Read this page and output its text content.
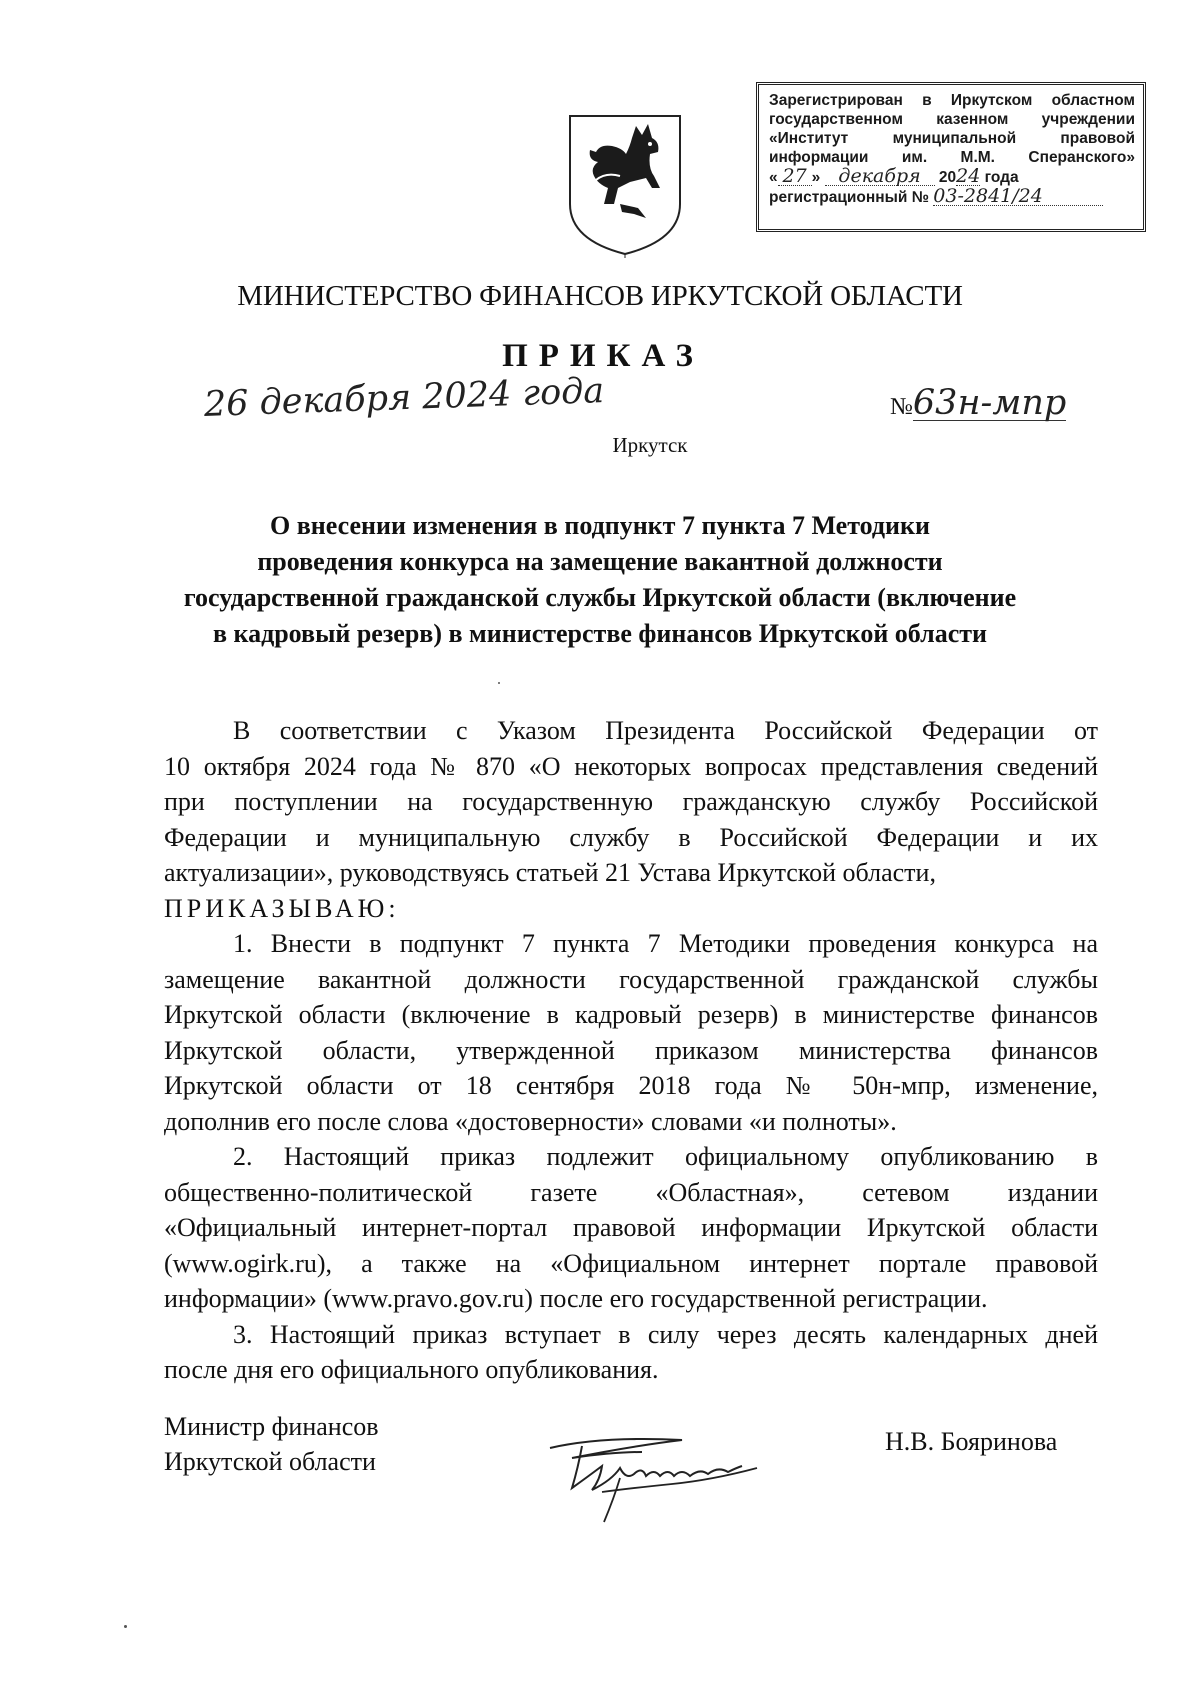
Зарегистрирован в Иркутском областном
государственном казенном учреждении
«Институт муниципальной правовой
информации им. М.М. Сперанского»
« 27 » декабря 2024 года
регистрационный № 03-2841/24
МИНИСТЕРСТВО ФИНАНСОВ ИРКУТСКОЙ ОБЛАСТИ
ПРИКАЗ
26 декабря 2024 года	№63н-мпр
Иркутск
О внесении изменения в подпункт 7 пункта 7 Методики
проведения конкурса на замещение вакантной должности
государственной гражданской службы Иркутской области (включение
в кадровый резерв) в министерстве финансов Иркутской области
В соответствии с Указом Президента Российской Федерации от
10 октября 2024 года № 870 «О некоторых вопросах представления сведений
при поступлении на государственную гражданскую службу Российской
Федерации и муниципальную службу в Российской Федерации и их
актуализации», руководствуясь статьей 21 Устава Иркутской области,
ПРИКАЗЫВАЮ:
1. Внести в подпункт 7 пункта 7 Методики проведения конкурса на
замещение вакантной должности государственной гражданской службы
Иркутской области (включение в кадровый резерв) в министерстве финансов
Иркутской области, утвержденной приказом министерства финансов
Иркутской области от 18 сентября 2018 года № 50н-мпр, изменение,
дополнив его после слова «достоверности» словами «и полноты».
2. Настоящий приказ подлежит официальному опубликованию в
общественно-политической газете «Областная», сетевом издании
«Официальный интернет-портал правовой информации Иркутской области
(www.ogirk.ru), а также на «Официальном интернет портале правовой
информации» (www.pravo.gov.ru) после его государственной регистрации.
3. Настоящий приказ вступает в силу через десять календарных дней
после дня его официального опубликования.
Министр финансов
Иркутской области
Н.В. Бояринова
